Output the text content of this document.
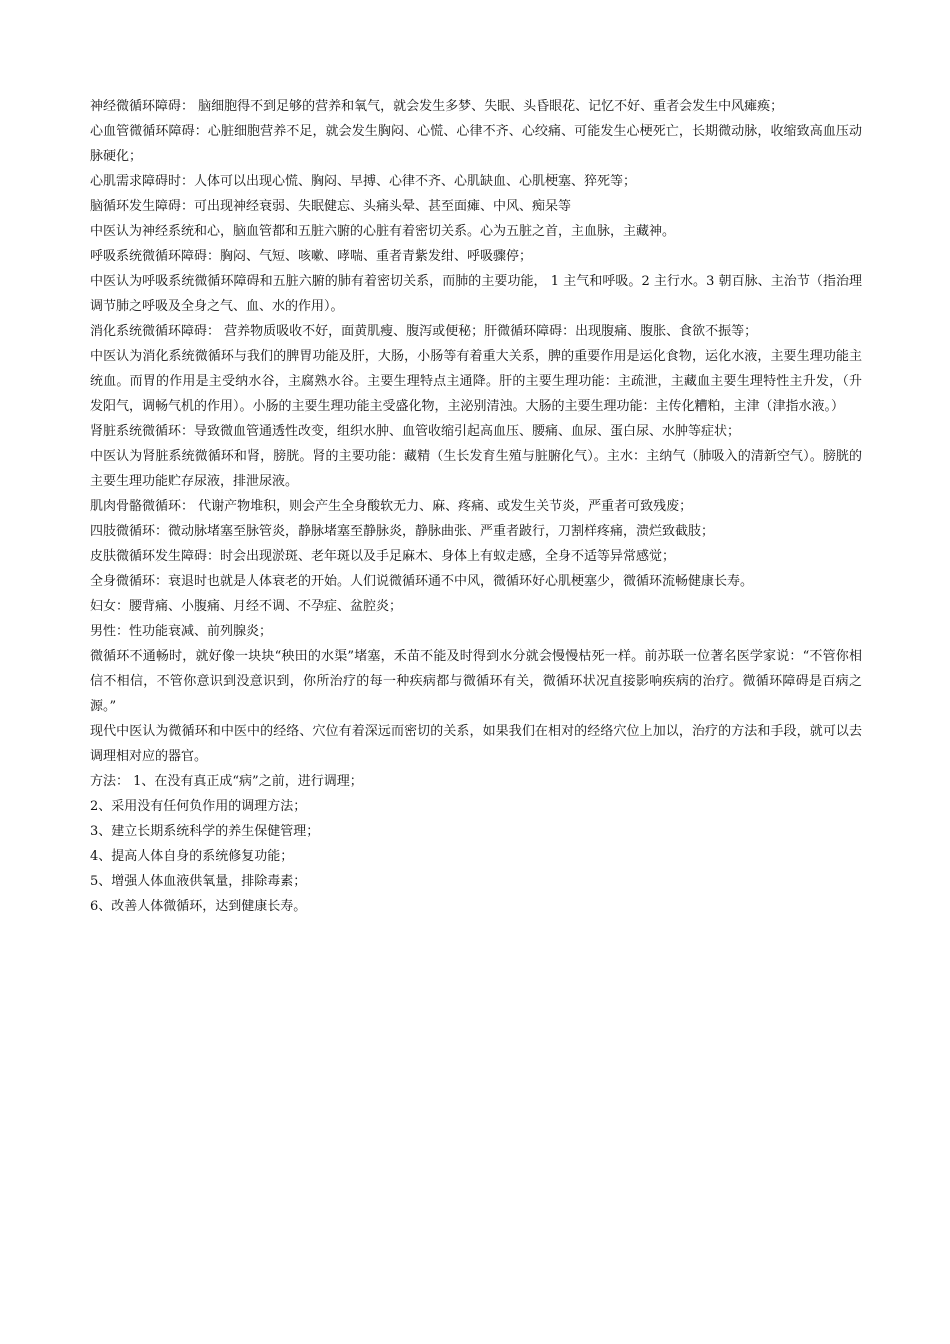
神经微循环障碍： 脑细胞得不到足够的营养和氧气，就会发生多梦、失眠、头昏眼花、记忆不好、重者会发生中风瘫痪；

心血管微循环障碍：心脏细胞营养不足，就会发生胸闷、心慌、心律不齐、心绞痛、可能发生心梗死亡，长期微动脉，收缩致高血压动脉硬化；

心肌需求障碍时：人体可以出现心慌、胸闷、早搏、心律不齐、心肌缺血、心肌梗塞、猝死等；

脑循环发生障碍：可出现神经衰弱、失眠健忘、头痛头晕、甚至面瘫、中风、痴呆等

中医认为神经系统和心，脑血管都和五脏六腑的心脏有着密切关系。心为五脏之首，主血脉，主藏神。

呼吸系统微循环障碍：胸闷、气短、咳嗽、哮喘、重者青紫发绀、呼吸骤停；

中医认为呼吸系统微循环障碍和五脏六腑的肺有着密切关系，而肺的主要功能， 1 主气和呼吸。2 主行水。3 朝百脉、主治节（指治理调节肺之呼吸及全身之气、血、水的作用）。

消化系统微循环障碍： 营养物质吸收不好，面黄肌瘦、腹泻或便秘；肝微循环障碍：出现腹痛、腹胀、食欲不振等；

中医认为消化系统微循环与我们的脾胃功能及肝，大肠，小肠等有着重大关系，脾的重要作用是运化食物，运化水液，主要生理功能主统血。而胃的作用是主受纳水谷，主腐熟水谷。主要生理特点主通降。肝的主要生理功能：主疏泄，主藏血主要生理特性主升发，（升发阳气，调畅气机的作用）。小肠的主要生理功能主受盛化物，主泌别清浊。大肠的主要生理功能：主传化糟粕，主津（津指水液。）

肾脏系统微循环：导致微血管通透性改变，组织水肿、血管收缩引起高血压、腰痛、血尿、蛋白尿、水肿等症状；

中医认为肾脏系统微循环和肾，膀胱。肾的主要功能：藏精（生长发育生殖与脏腑化气）。主水：主纳气（肺吸入的清新空气）。膀胱的主要生理功能贮存尿液，排泄尿液。

肌肉骨骼微循环： 代谢产物堆积，则会产生全身酸软无力、麻、疼痛、或发生关节炎，严重者可致残废；

四肢微循环：微动脉堵塞至脉管炎，静脉堵塞至静脉炎，静脉曲张、严重者跛行，刀割样疼痛，溃烂致截肢；

皮肤微循环发生障碍：时会出现淤斑、老年斑以及手足麻木、身体上有蚁走感，全身不适等异常感觉；

全身微循环：衰退时也就是人体衰老的开始。人们说微循环通不中风，微循环好心肌梗塞少，微循环流畅健康长寿。

妇女：腰背痛、小腹痛、月经不调、不孕症、盆腔炎；

男性：性功能衰减、前列腺炎；

微循环不通畅时，就好像一块块“秧田的水渠”堵塞，禾苗不能及时得到水分就会慢慢枯死一样。前苏联一位著名医学家说：“不管你相信不相信，不管你意识到没意识到，你所治疗的每一种疾病都与微循环有关，微循环状况直接影响疾病的治疗。微循环障碍是百病之源。”

现代中医认为微循环和中医中的经络、穴位有着深远而密切的关系，如果我们在相对的经络穴位上加以，治疗的方法和手段，就可以去调理相对应的器官。

方法： 1、在没有真正成“病”之前，进行调理；

2、采用没有任何负作用的调理方法；

3、建立长期系统科学的养生保健管理；

4、提高人体自身的系统修复功能；

5、增强人体血液供氧量，排除毒素；

6、改善人体微循环，达到健康长寿。
